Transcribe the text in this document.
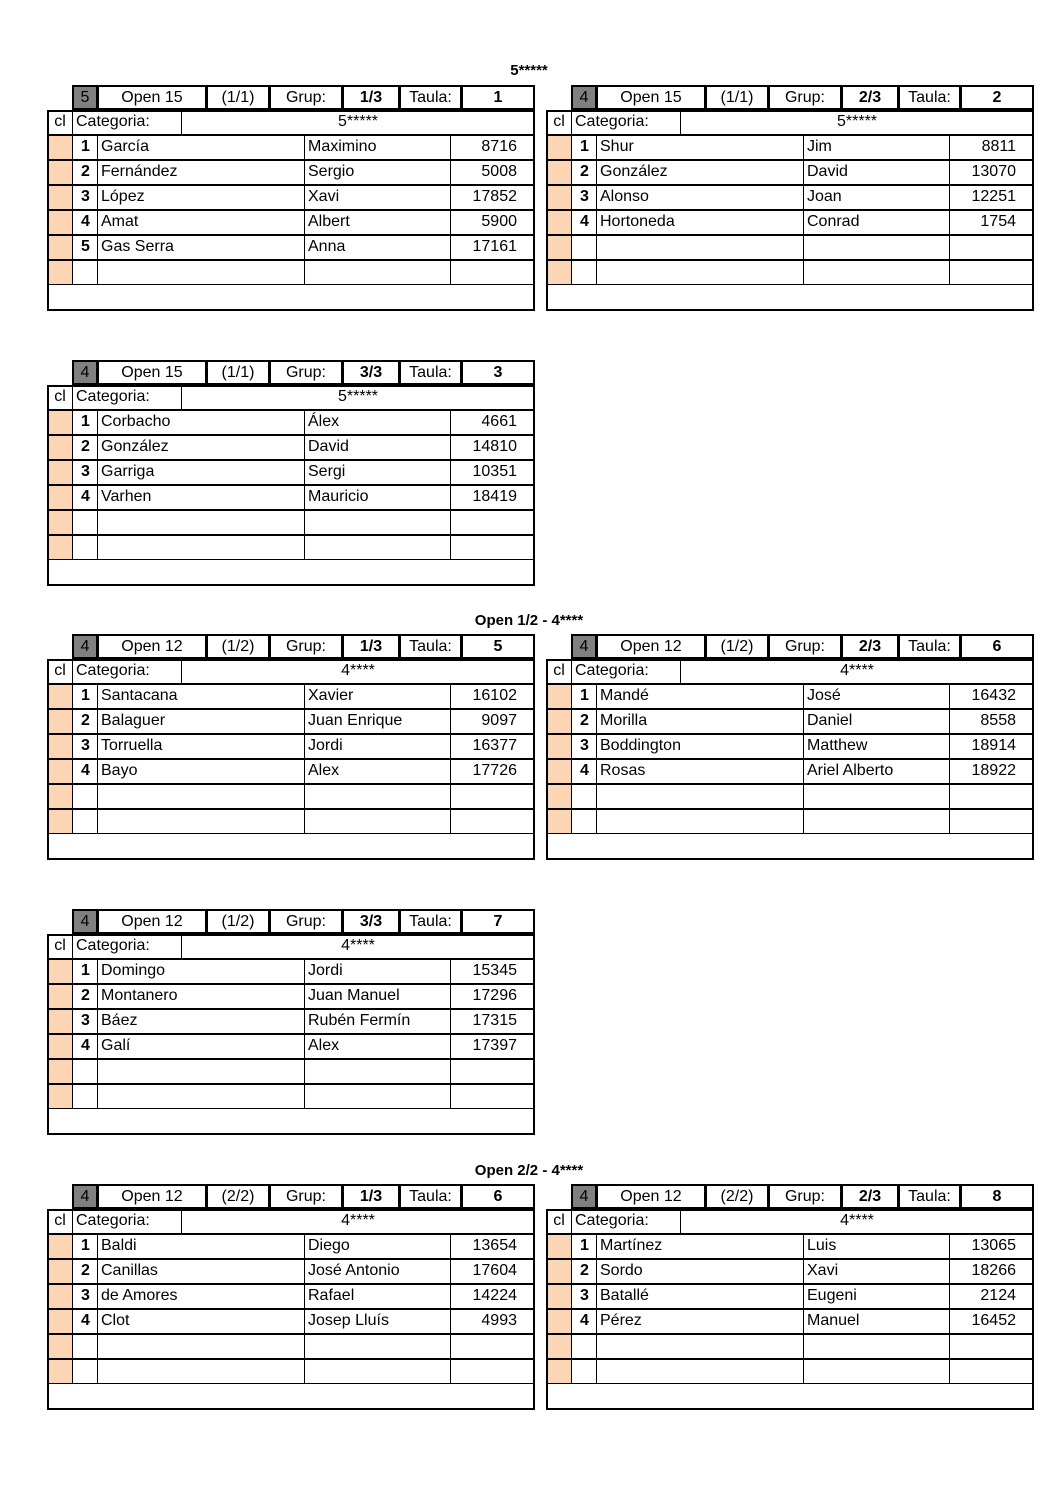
5*****
Open 1/2 - 4****
Open 2/2 - 4****
5	Open 15	(1/1)	Grup:	1/3	Taula:	1
cl Categoria:	5*****
1 García	Maximino	8716
2 Fernández	Sergio	5008
3 López	Xavi	17852
4 Amat	Albert	5900
5 Gas Serra	Anna	17161
4	Open 15	(1/1)	Grup:	2/3	Taula:	2
cl Categoria:	5*****
1 Shur	Jim	8811
2 González	David	13070
3 Alonso	Joan	12251
4 Hortoneda	Conrad	1754
4	Open 15	(1/1)	Grup:	3/3	Taula:	3
cl Categoria:	5*****
1 Corbacho	Álex	4661
2 González	David	14810
3 Garriga	Sergi	10351
4 Varhen	Mauricio	18419
4	Open 12	(1/2)	Grup:	1/3	Taula:	5
cl Categoria:	4****
1 Santacana	Xavier	16102
2 Balaguer	Juan Enrique	9097
3 Torruella	Jordi	16377
4 Bayo	Alex	17726
4	Open 12	(1/2)	Grup:	2/3	Taula:	6
cl Categoria:	4****
1 Mandé	José	16432
2 Morilla	Daniel	8558
3 Boddington	Matthew	18914
4 Rosas	Ariel Alberto	18922
4	Open 12	(1/2)	Grup:	3/3	Taula:	7
cl Categoria:	4****
1 Domingo	Jordi	15345
2 Montanero	Juan Manuel	17296
3 Báez	Rubén Fermín	17315
4 Galí	Alex	17397
4	Open 12	(2/2)	Grup:	1/3	Taula:	6
cl Categoria:	4****
1 Baldi	Diego	13654
2 Canillas	José Antonio	17604
3 de Amores	Rafael	14224
4 Clot	Josep Lluís	4993
4	Open 12	(2/2)	Grup:	2/3	Taula:	8
cl Categoria:	4****
1 Martínez	Luis	13065
2 Sordo	Xavi	18266
3 Batallé	Eugeni	2124
4 Pérez	Manuel	16452
